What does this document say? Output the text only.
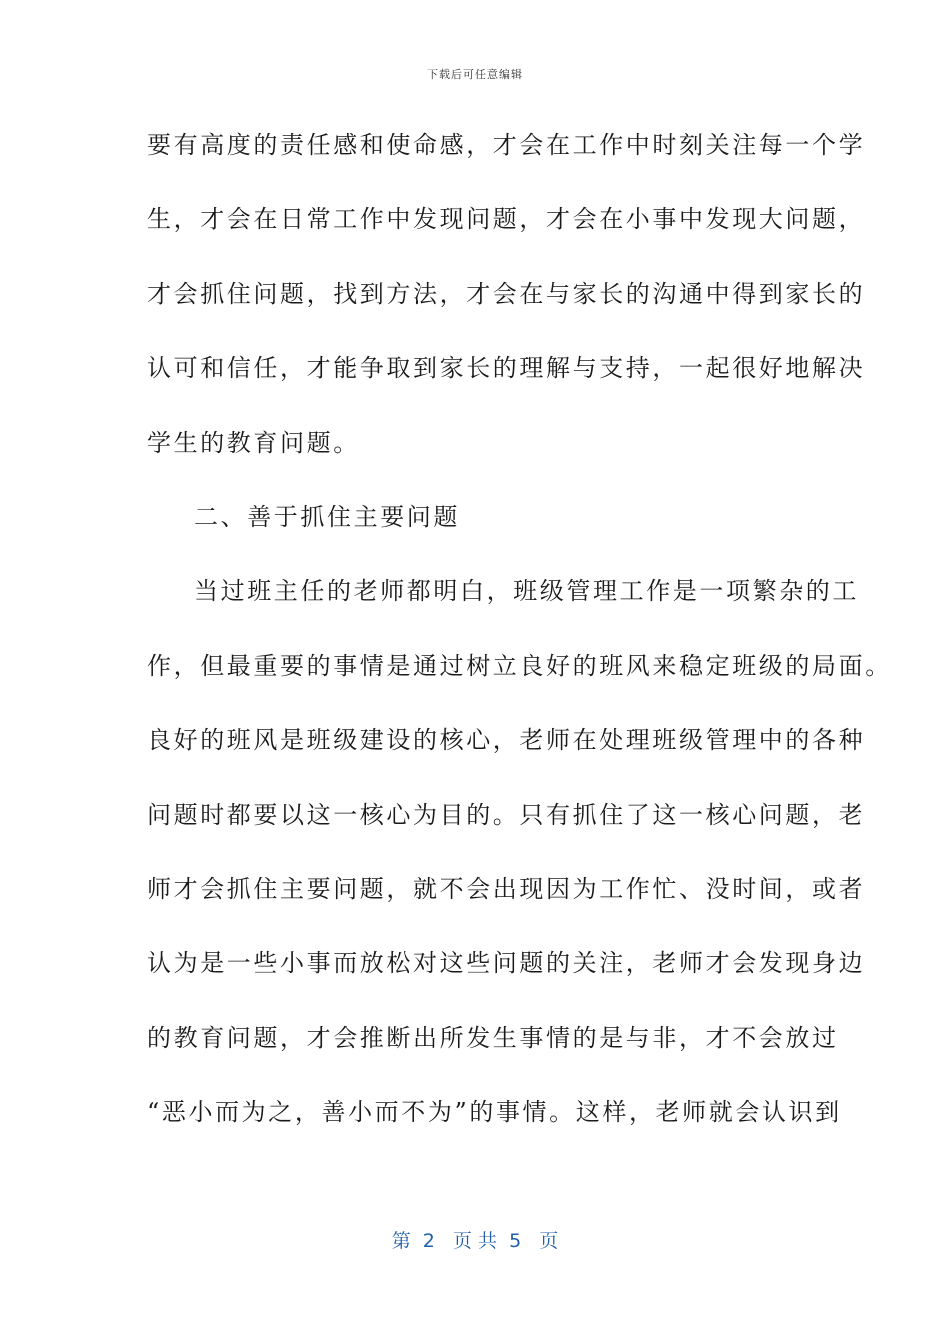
下载后可任意编辑
要有高度的责任感和使命感，才会在工作中时刻关注每一个学
生，才会在日常工作中发现问题，才会在小事中发现大问题，
才会抓住问题，找到方法，才会在与家长的沟通中得到家长的
认可和信任，才能争取到家长的理解与支持，一起很好地解决
学生的教育问题。
二、善于抓住主要问题
当过班主任的老师都明白，班级管理工作是一项繁杂的工
作，但最重要的事情是通过树立良好的班风来稳定班级的局面。
良好的班风是班级建设的核心，老师在处理班级管理中的各种
问题时都要以这一核心为目的。只有抓住了这一核心问题，老
师才会抓住主要问题，就不会出现因为工作忙、没时间，或者
认为是一些小事而放松对这些问题的关注，老师才会发现身边
的教育问题，才会推断出所发生事情的是与非，才不会放过
“恶小而为之，善小而不为”的事情。这样，老师就会认识到
第  2   页 共  5   页
